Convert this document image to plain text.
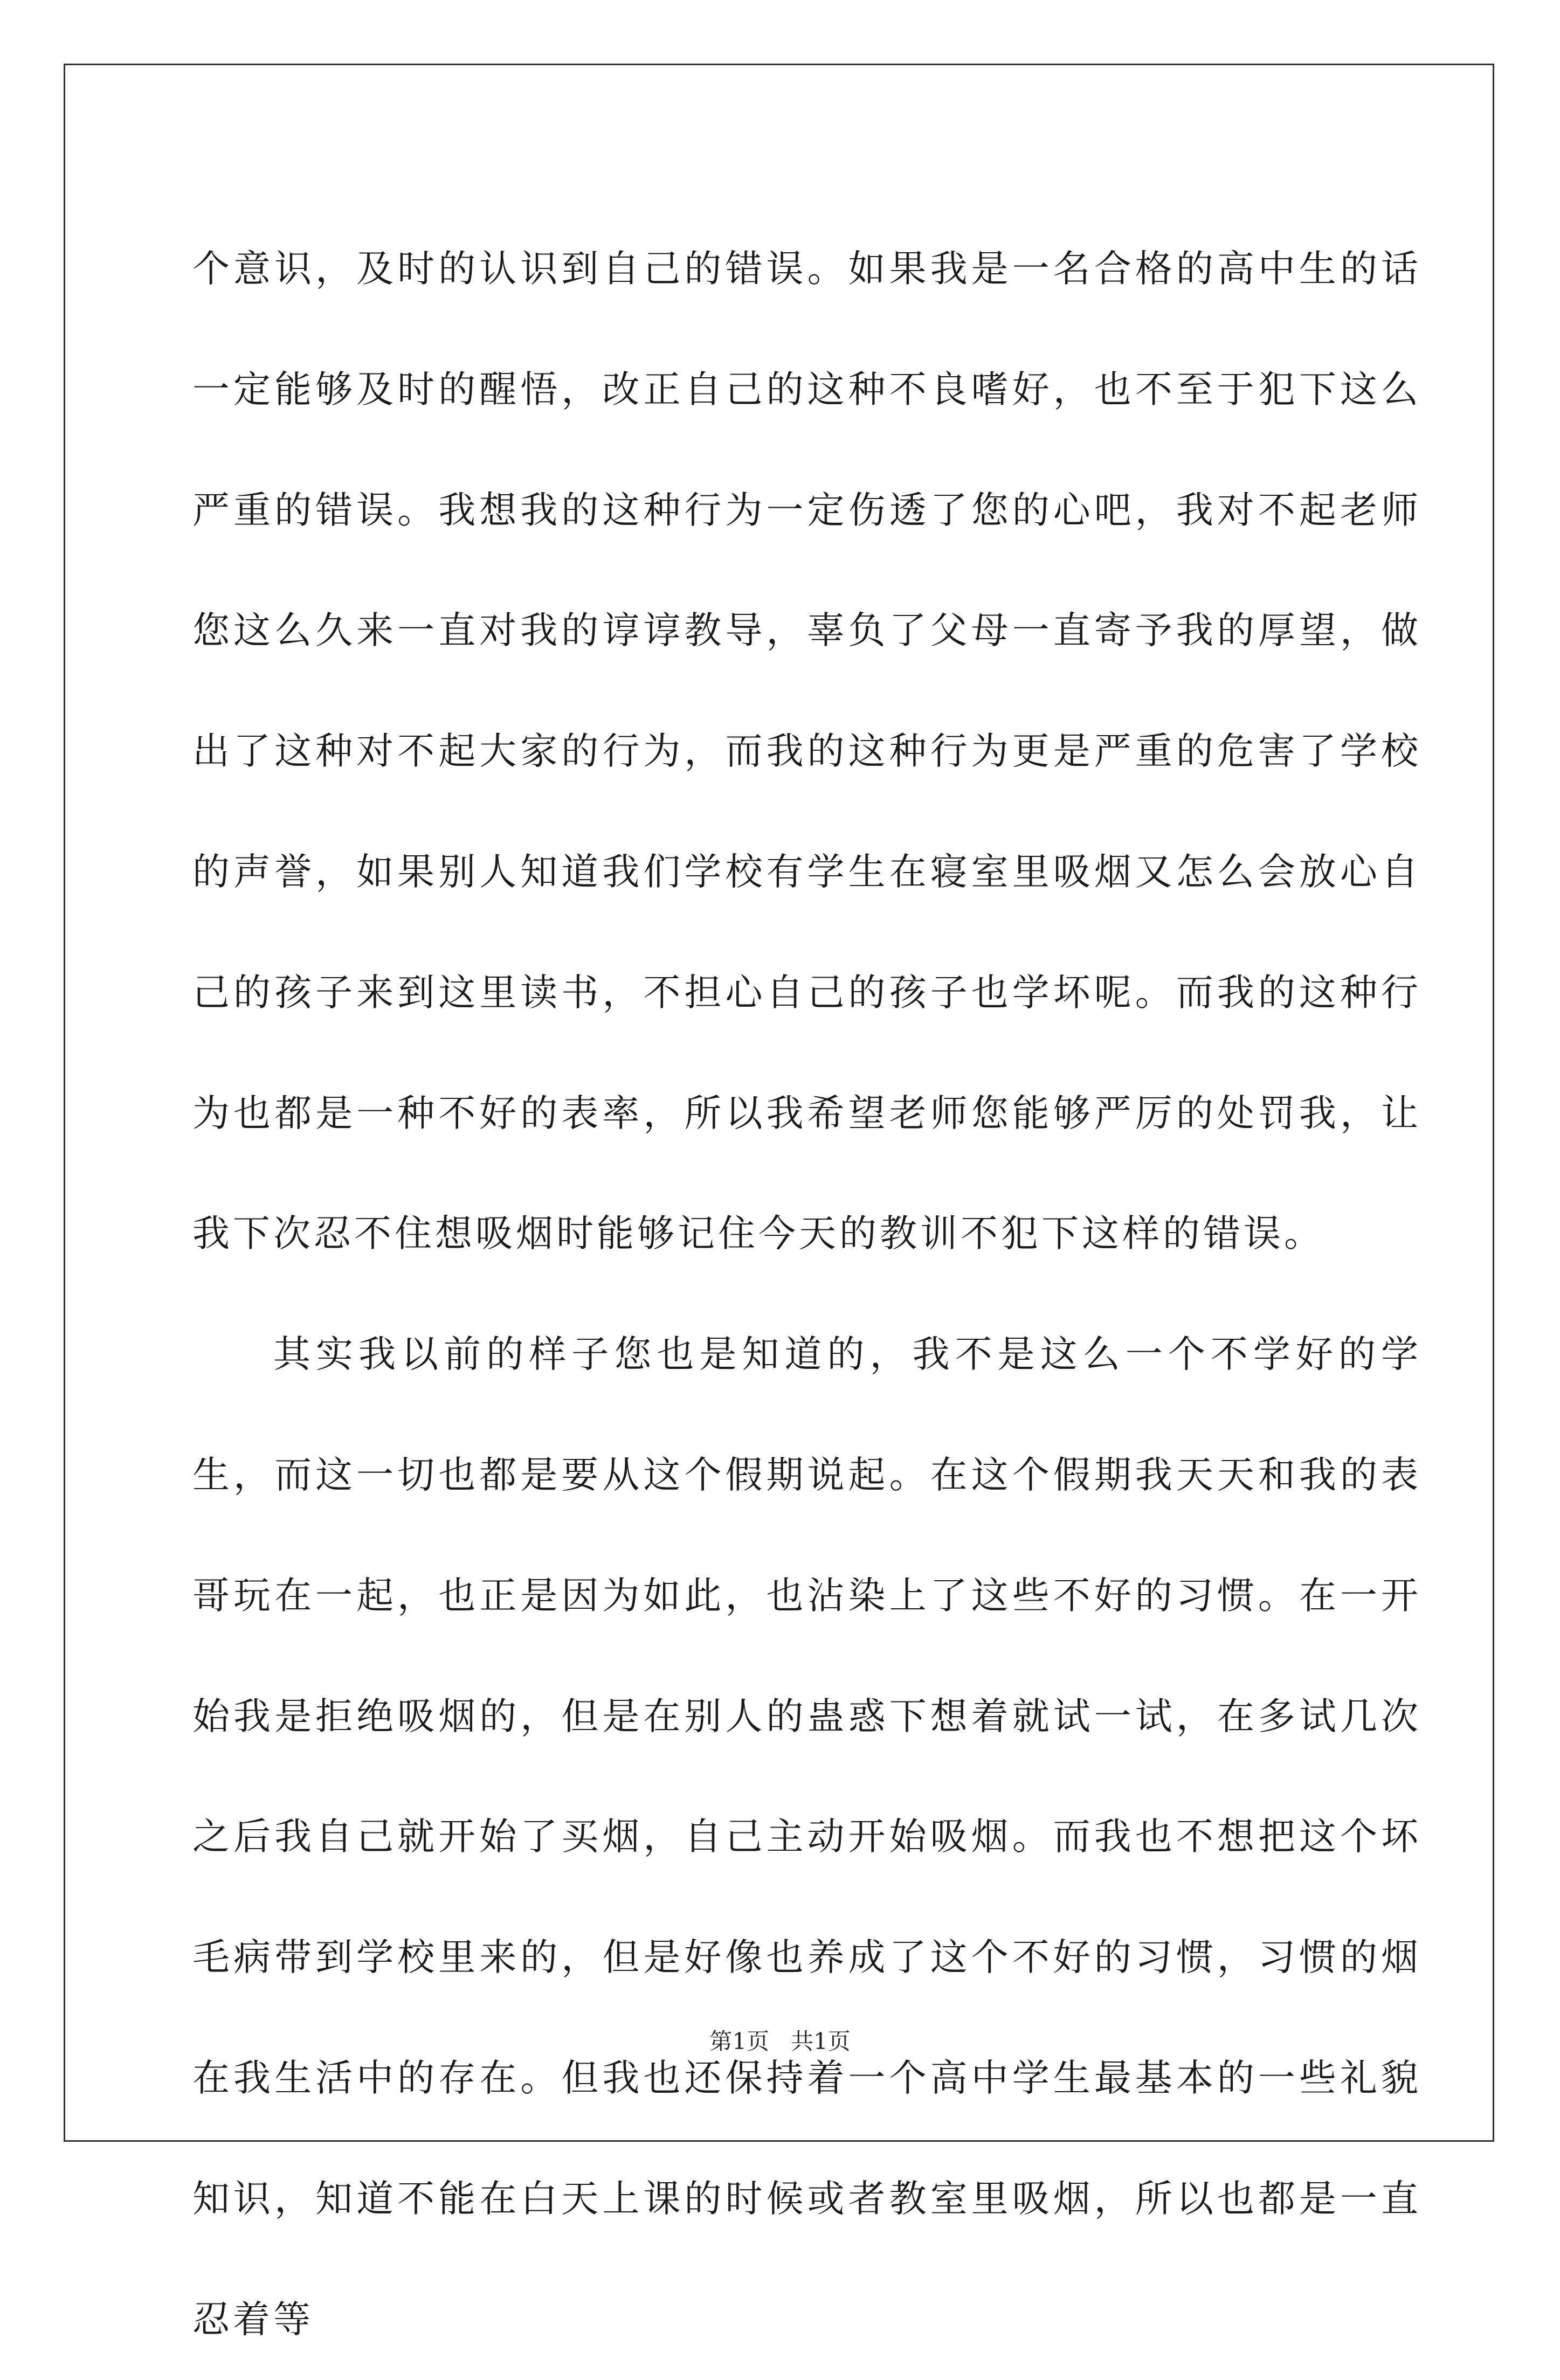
个意识，及时的认识到自己的错误。如果我是一名合格的高中生的话一定能够及时的醒悟，改正自己的这种不良嗜好，也不至于犯下这么严重的错误。我想我的这种行为一定伤透了您的心吧，我对不起老师您这么久来一直对我的谆谆教导，辜负了父母一直寄予我的厚望，做出了这种对不起大家的行为，而我的这种行为更是严重的危害了学校的声誉，如果别人知道我们学校有学生在寝室里吸烟又怎么会放心自己的孩子来到这里读书，不担心自己的孩子也学坏呢。而我的这种行为也都是一种不好的表率，所以我希望老师您能够严厉的处罚我，让我下次忍不住想吸烟时能够记住今天的教训不犯下这样的错误。

其实我以前的样子您也是知道的，我不是这么一个不学好的学生，而这一切也都是要从这个假期说起。在这个假期我天天和我的表哥玩在一起，也正是因为如此，也沾染上了这些不好的习惯。在一开始我是拒绝吸烟的，但是在别人的蛊惑下想着就试一试，在多试几次之后我自己就开始了买烟，自己主动开始吸烟。而我也不想把这个坏毛病带到学校里来的，但是好像也养成了这个不好的习惯，习惯的烟在我生活中的存在。但我也还保持着一个高中学生最基本的一些礼貌知识，知道不能在白天上课的时候或者教室里吸烟，所以也都是一直忍着等

第1页 共1页
